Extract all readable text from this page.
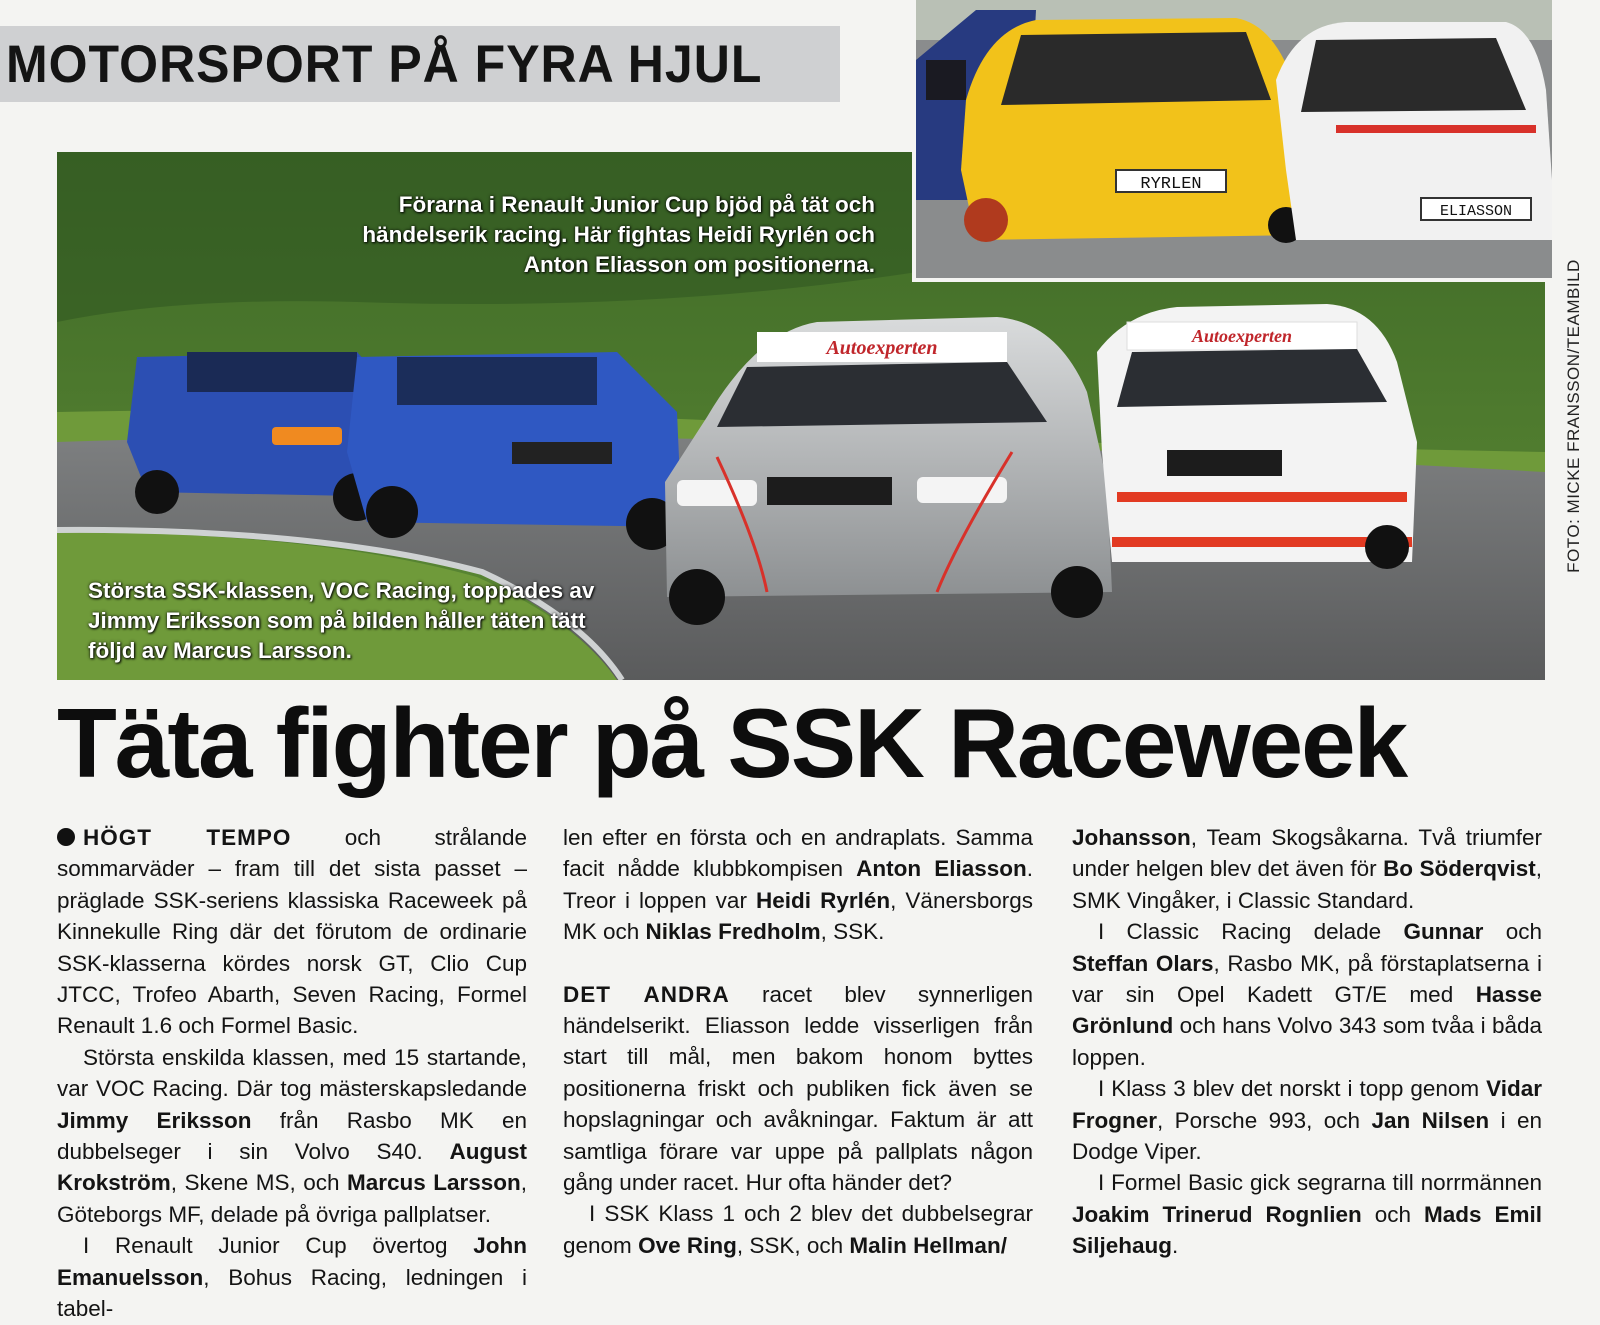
MOTORSPORT PÅ FYRA HJUL
Autoexperten
Autoexperten
RYRLEN
ELIASSON
Förarna i Renault Junior Cup bjöd på tät och händelserik racing. Här fightas Heidi Ryrlén och Anton Eliasson om positionerna.
Största SSK-klassen, VOC Racing, toppades av Jimmy Eriksson som på bilden håller täten tätt följd av Marcus Larsson.
FOTO: MICKE FRANSSON/TEAMBILD
Täta fighter på SSK Raceweek

HÖGT TEMPO och strålande sommarväder – fram till det sista passet – präglade SSK-seriens klassiska Raceweek på Kinnekulle Ring där det förutom de ordinarie SSK-klasserna kördes norsk GT, Clio Cup JTCC, Trofeo Abarth, Seven Racing, Formel Renault 1.6 och Formel Basic.

Största enskilda klassen, med 15 startande, var VOC Racing. Där tog mästerskapsledande Jimmy Eriksson från Rasbo MK en dubbelseger i sin Volvo S40. August Krokström, Skene MS, och Marcus Larsson, Göteborgs MF, delade på övriga pallplatser.

I Renault Junior Cup övertog John Emanuelsson, Bohus Racing, ledningen i tabel-

len efter en första och en andraplats. Samma facit nådde klubbkompisen Anton Eliasson. Treor i loppen var Heidi Ryrlén, Vänersborgs MK och Niklas Fredholm, SSK.

DET ANDRA racet blev synnerligen händelserikt. Eliasson ledde visserligen från start till mål, men bakom honom byttes positionerna friskt och publiken fick även se hopslagningar och avåkningar. Faktum är att samtliga förare var uppe på pallplats någon gång under racet. Hur ofta händer det?

I SSK Klass 1 och 2 blev det dubbelsegrar genom Ove Ring, SSK, och Malin Hellman/

Johansson, Team Skogsåkarna. Två triumfer under helgen blev det även för Bo Söderqvist, SMK Vingåker, i Classic Standard.

I Classic Racing delade Gunnar och Steffan Olars, Rasbo MK, på förstaplatserna i var sin Opel Kadett GT/E med Hasse Grönlund och hans Volvo 343 som tvåa i båda loppen.

I Klass 3 blev det norskt i topp genom Vidar Frogner, Porsche 993, och Jan Nilsen i en Dodge Viper.

I Formel Basic gick segrarna till norrmännen Joakim Trinerud Rognlien och Mads Emil Siljehaug.
